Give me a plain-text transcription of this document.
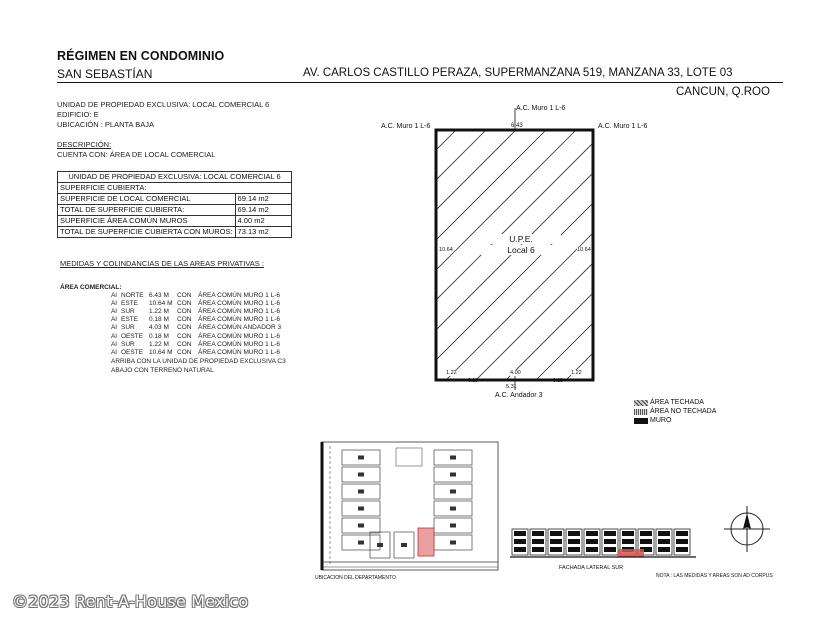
RÉGIMEN EN CONDOMINIO
SAN SEBASTÍAN	AV. CARLOS CASTILLO PERAZA, SUPERMANZANA 519, MANZANA 33, LOTE 03
CANCUN, Q.ROO
UNIDAD DE PROPIEDAD EXCLUSIVA: LOCAL COMERCIAL 6
EDIFICIO: E
UBICACIÓN : PLANTA BAJA
DESCRIPCIÓN:
CUENTA CON: ÁREA DE LOCAL COMERCIAL
UNIDAD DE PROPIEDAD EXCLUSIVA: LOCAL COMERCIAL 6	
SUPERFICIE CUBIERTA:	
SUPERFICIE DE LOCAL COMERCIAL	69.14 m2
TOTAL DE SUPERFICIE CUBIERTA:	69.14 m2
SUPERFICIE ÁREA COMÚN MUROS	4.00 m2
TOTAL DE SUPERFICIE CUBIERTA CON MUROS:	73.13 m2
MEDIDAS Y COLINDANCIAS DE LAS AREAS PRIVATIVAS :
ÁREA COMERCIAL:
Al NORTE 6.43 M CON ÁREA COMÚN MURO 1 L-6
Al ESTE 10.64 M CON ÁREA COMÚN MURO 1 L-6
Al SUR 1.22 M CON ÁREA COMÚN MURO 1 L-6
Al ESTE 0.18 M CON ÁREA COMÚN MURO 1 L-6
Al SUR 4.03 M CON ÁREA COMÚN ANDADOR 3
Al OESTE 0.18 M CON ÁREA COMÚN MURO 1 L-6
Al SUR 1.22 M CON ÁREA COMÚN MURO 1 L-6
Al OESTE 10.64 M CON ÁREA COMÚN MURO 1 L-6
ARRIBA CON LA UNIDAD DE PROPIEDAD EXCLUSIVA C3
ABAJO CON TERRENO NATURAL
A.C. Muro 1 L-6
6.43
A.C. Muro 1 L-6	A.C. Muro 1 L-6
U.P.E.
Local 6
10.64	10.64
1.22	1.22
4.00
0.18	0.18
5.31
A.C. Andador 3
ÁREA TECHADA
ÁREA NO TECHADA
MURO
UBICACION DEL DEPARTAMENTO
FACHADA LATERAL SUR
NOTA : LAS MEDIDAS Y AREAS SON AD CORPUS
©2023 Rent-A-House Mexico
